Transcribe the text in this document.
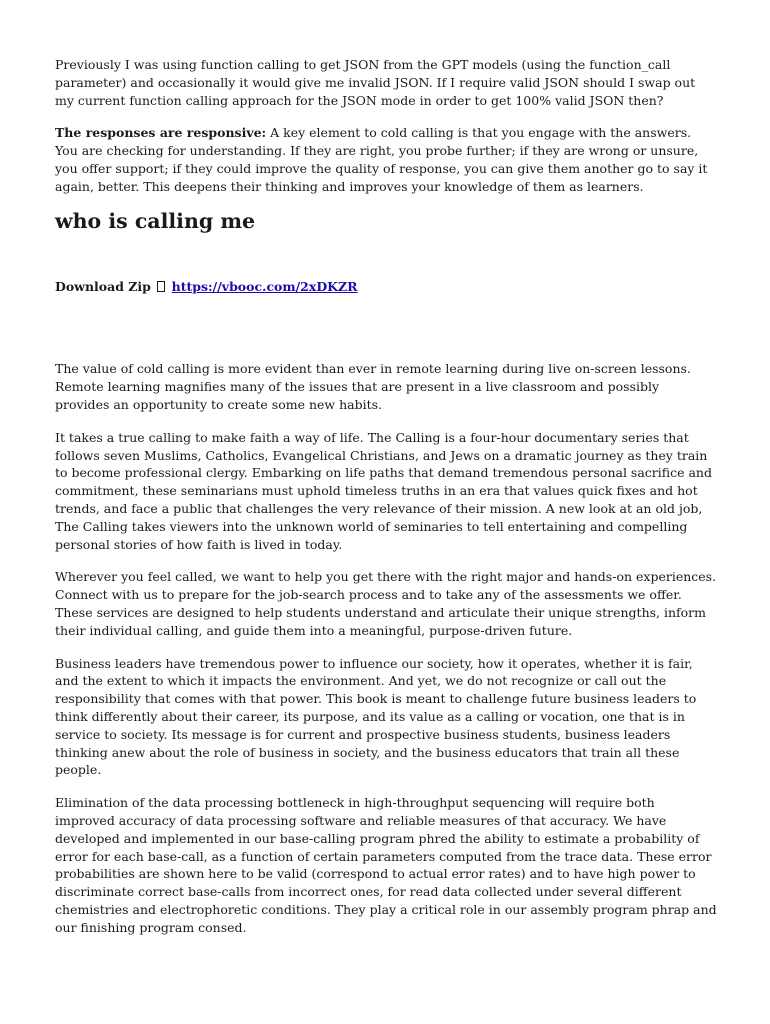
Previously I was using function calling to get JSON from the GPT models (using the function_call parameter) and occasionally it would give me invalid JSON. If I require valid JSON should I swap out my current function calling approach for the JSON mode in order to get 100% valid JSON then?

The responses are responsive: A key element to cold calling is that you engage with the answers. You are checking for understanding. If they are right, you probe further; if they are wrong or unsure, you offer support; if they could improve the quality of response, you can give them another go to say it again, better. This deepens their thinking and improves your knowledge of them as learners.

who is calling me
Download Zip https://vbooc.com/2xDKZR

The value of cold calling is more evident than ever in remote learning during live on-screen lessons. Remote learning magnifies many of the issues that are present in a live classroom and possibly provides an opportunity to create some new habits.

It takes a true calling to make faith a way of life. The Calling is a four-hour documentary series that follows seven Muslims, Catholics, Evangelical Christians, and Jews on a dramatic journey as they train to become professional clergy. Embarking on life paths that demand tremendous personal sacrifice and commitment, these seminarians must uphold timeless truths in an era that values quick fixes and hot trends, and face a public that challenges the very relevance of their mission. A new look at an old job, The Calling takes viewers into the unknown world of seminaries to tell entertaining and compelling personal stories of how faith is lived in today.

Wherever you feel called, we want to help you get there with the right major and hands-on experiences. Connect with us to prepare for the job-search process and to take any of the assessments we offer. These services are designed to help students understand and articulate their unique strengths, inform their individual calling, and guide them into a meaningful, purpose-driven future.

Business leaders have tremendous power to influence our society, how it operates, whether it is fair, and the extent to which it impacts the environment. And yet, we do not recognize or call out the responsibility that comes with that power. This book is meant to challenge future business leaders to think differently about their career, its purpose, and its value as a calling or vocation, one that is in service to society. Its message is for current and prospective business students, business leaders thinking anew about the role of business in society, and the business educators that train all these people.

Elimination of the data processing bottleneck in high-throughput sequencing will require both improved accuracy of data processing software and reliable measures of that accuracy. We have developed and implemented in our base-calling program phred the ability to estimate a probability of error for each base-call, as a function of certain parameters computed from the trace data. These error probabilities are shown here to be valid (correspond to actual error rates) and to have high power to discriminate correct base-calls from incorrect ones, for read data collected under several different chemistries and electrophoretic conditions. They play a critical role in our assembly program phrap and our finishing program consed.
